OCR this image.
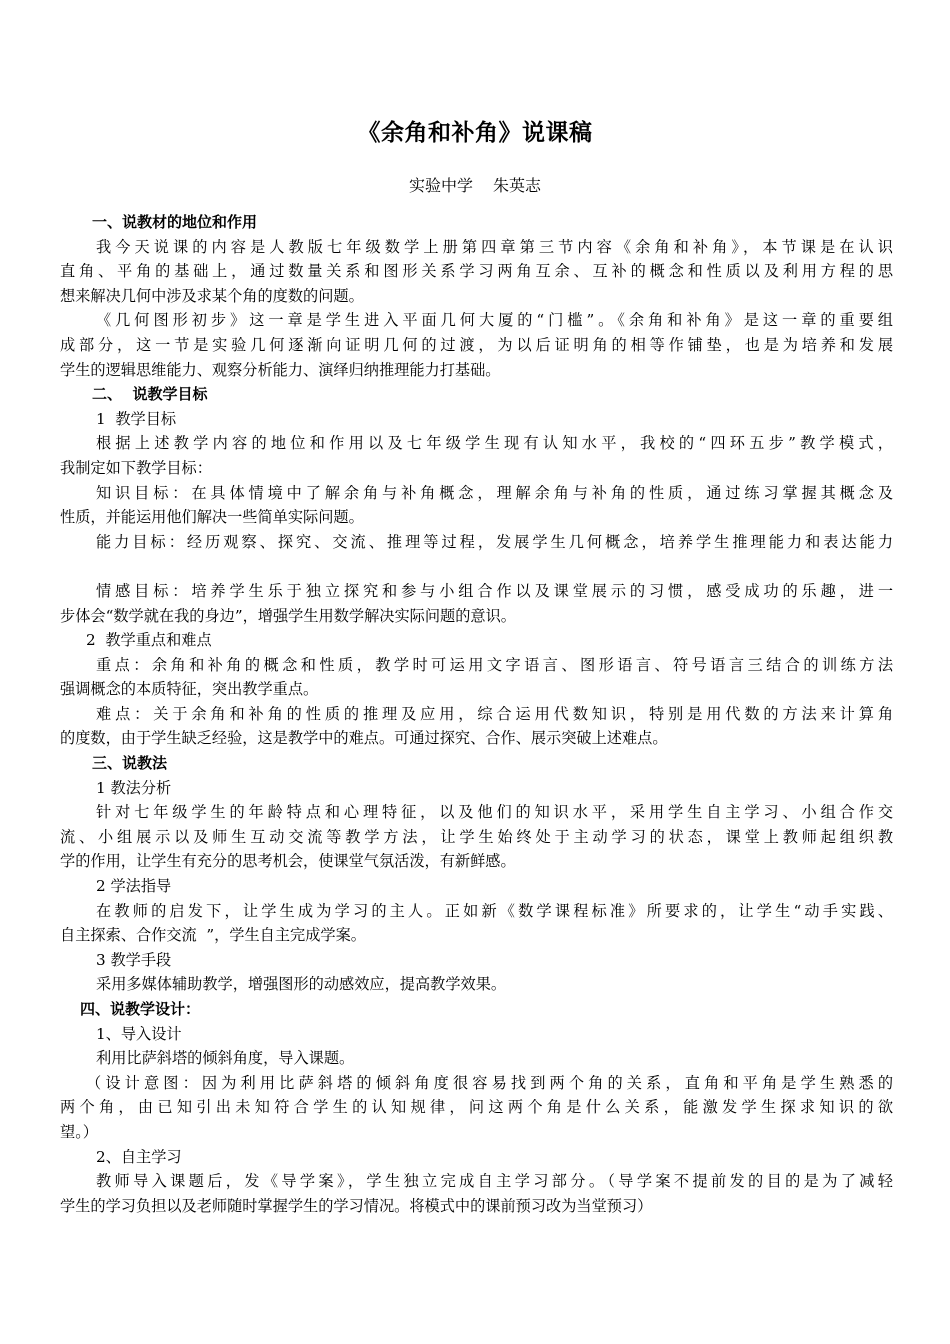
《余角和补角》说课稿
实验中学 朱英志
一、说教材的地位和作用
我今天说课的内容是人教版七年级数学上册第四章第三节内容《余角和补角》，本节课是在认识
直角、平角的基础上，通过数量关系和图形关系学习两角互余、互补的概念和性质以及利用方程的思
想来解决几何中涉及求某个角的度数的问题。
《几何图形初步》这一章是学生进入平面几何大厦的“门槛”。《余角和补角》是这一章的重要组
成部分，这一节是实验几何逐渐向证明几何的过渡，为以后证明角的相等作铺垫，也是为培养和发展
学生的逻辑思维能力、观察分析能力、演绎归纳推理能力打基础。
二、  说教学目标
1  教学目标
根据上述教学内容的地位和作用以及七年级学生现有认知水平，我校的“四环五步”教学模式，
我制定如下教学目标：
知识目标：在具体情境中了解余角与补角概念，理解余角与补角的性质，通过练习掌握其概念及
性质，并能运用他们解决一些简单实际问题。
能力目标：经历观察、探究、交流、推理等过程，发展学生几何概念，培养学生推理能力和表达能力
情感目标：培养学生乐于独立探究和参与小组合作以及课堂展示的习惯，感受成功的乐趣，进一
步体会“数学就在我的身边”，增强学生用数学解决实际问题的意识。
2  教学重点和难点
重点：余角和补角的概念和性质，教学时可运用文字语言、图形语言、符号语言三结合的训练方法
强调概念的本质特征，突出教学重点。
难点：关于余角和补角的性质的推理及应用，综合运用代数知识，特别是用代数的方法来计算角
的度数，由于学生缺乏经验，这是教学中的难点。可通过探究、合作、展示突破上述难点。
三、说教法
1 教法分析
针对七年级学生的年龄特点和心理特征，以及他们的知识水平，采用学生自主学习、小组合作交
流、小组展示以及师生互动交流等教学方法，让学生始终处于主动学习的状态，课堂上教师起组织教
学的作用，让学生有充分的思考机会，使课堂气氛活泼，有新鲜感。
2 学法指导
在教师的启发下，让学生成为学习的主人。正如新《数学课程标准》所要求的，让学生“动手实践、
自主探索、合作交流  ”，学生自主完成学案。
3 教学手段
采用多媒体辅助教学，增强图形的动感效应，提高教学效果。
四、说教学设计：
1、导入设计
利用比萨斜塔的倾斜角度，导入课题。
（设计意图：因为利用比萨斜塔的倾斜角度很容易找到两个角的关系，直角和平角是学生熟悉的
两个角，由已知引出未知符合学生的认知规律，问这两个角是什么关系，能激发学生探求知识的欲
望。）
2、自主学习
教师导入课题后，发《导学案》，学生独立完成自主学习部分。（导学案不提前发的目的是为了减轻
学生的学习负担以及老师随时掌握学生的学习情况。将模式中的课前预习改为当堂预习）
